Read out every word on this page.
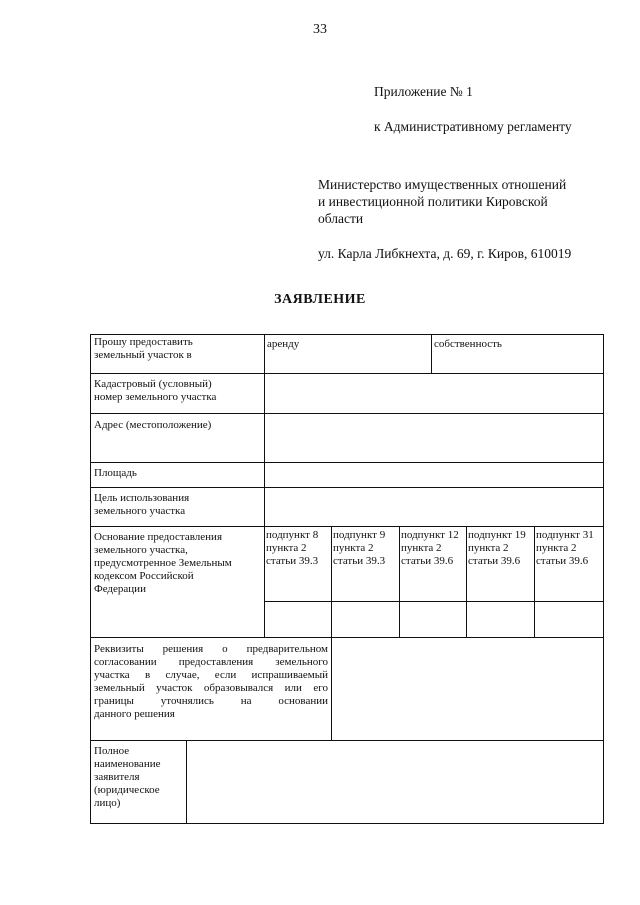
33
Приложение № 1
к Административному регламенту
Министерство имущественных отношений
и инвестиционной политики Кировской
области
ул. Карла Либкнехта, д. 69, г. Киров, 610019
ЗАЯВЛЕНИЕ
Прошу предоставить
земельный участок в
аренду	собственность
Кадастровый (условный)
номер земельного участка
Адрес (местоположение)
Площадь
Цель использования
земельного участка
Основание предоставления
земельного участка,
предусмотренное Земельным
кодексом Российской
Федерации
подпункт 8
пункта 2
статьи 39.3
подпункт 9
пункта 2
статьи 39.3
подпункт 12
пункта 2
статьи 39.6
подпункт 19
пункта 2
статьи 39.6
подпункт 31
пункта 2
статьи 39.6
Реквизиты решения о предварительном
согласовании предоставления земельного
участка в случае, если испрашиваемый
земельный участок образовывался или его
границы уточнялись на основании
данного решения
Полное
наименование
заявителя
(юридическое
лицо)
